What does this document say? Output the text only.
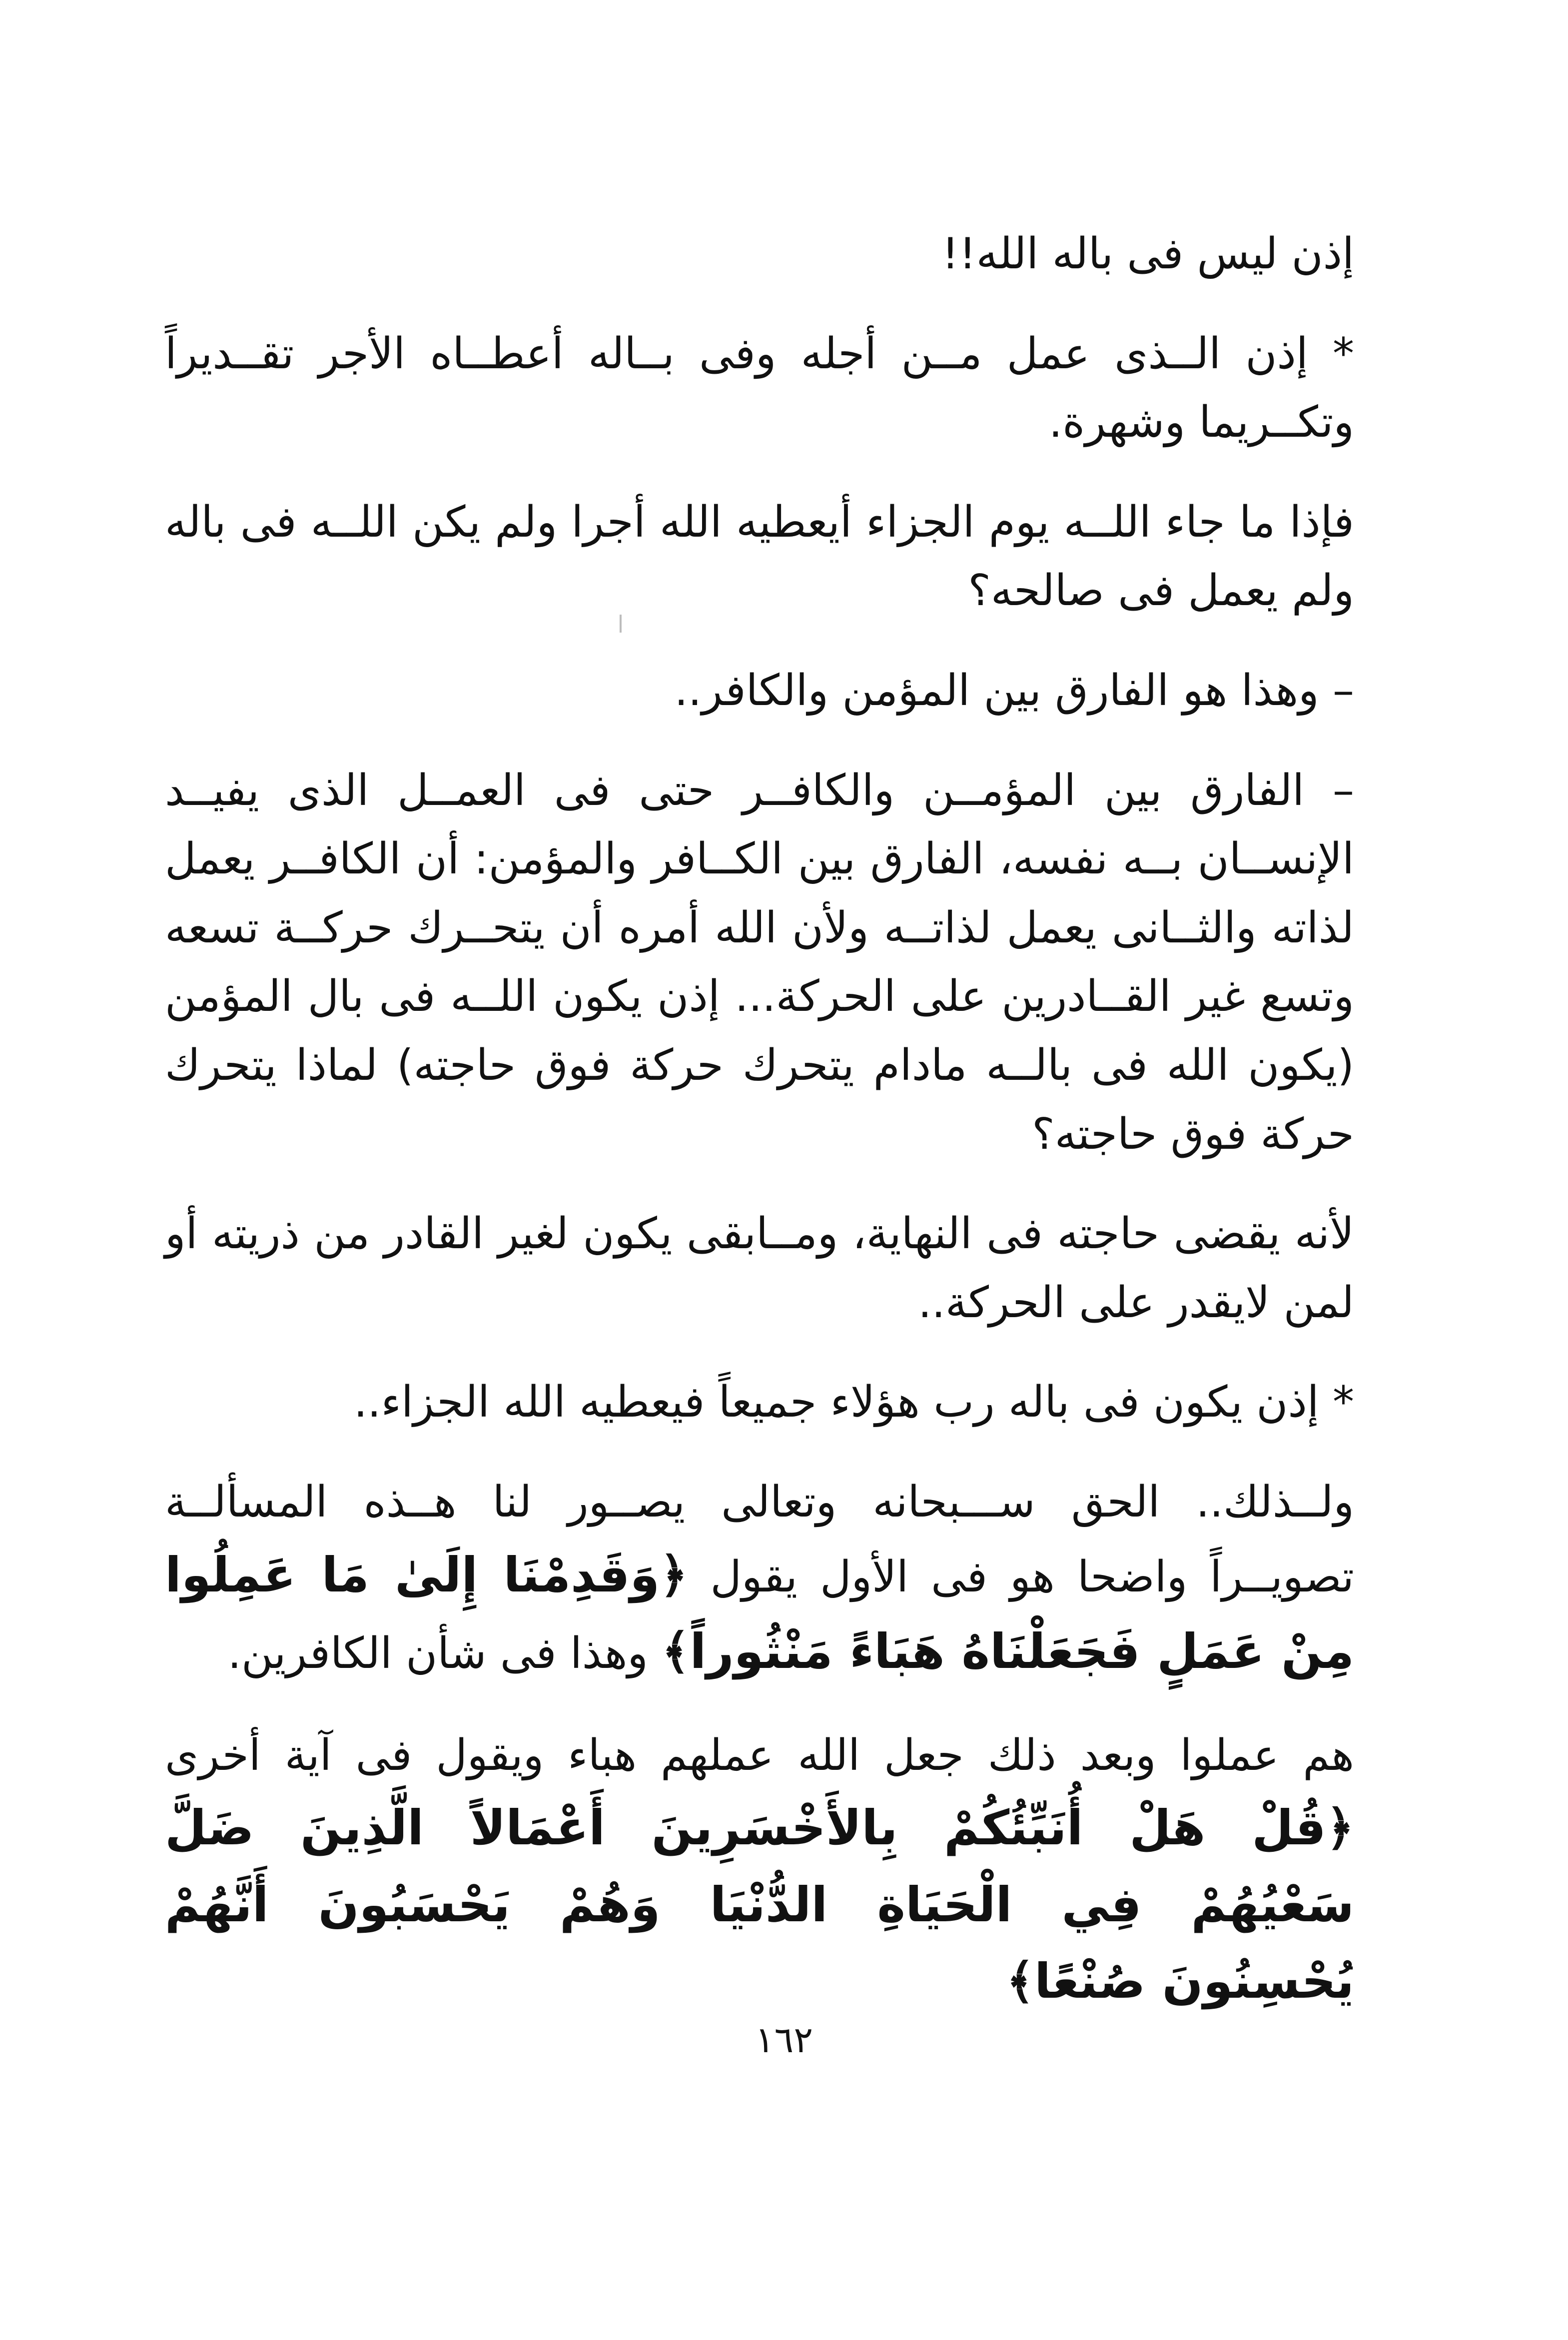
إذن ليس فى باله الله!!

* إذن الــذى عمل مــن أجله وفى بــاله أعطــاه الأجر تقــديراً وتكــريما وشهرة.

فإذا ما جاء اللــه يوم الجزاء أيعطيه الله أجرا ولم يكن اللــه فى باله ولم يعمل فى صالحه؟

– وهذا هو الفارق بين المؤمن والكافر..

– الفارق بين المؤمــن والكافــر حتى فى العمــل الذى يفيــد الإنســان بــه نفسه، الفارق بين الكــافر والمؤمن: أن الكافــر يعمل لذاته والثــانى يعمل لذاتــه ولأن الله أمره أن يتحــرك حركــة تسعه وتسع غير القــادرين على الحركة... إذن يكون اللــه فى بال المؤمن (يكون الله فى بالــه مادام يتحرك حركة فوق حاجته) لماذا يتحرك حركة فوق حاجته؟

لأنه يقضى حاجته فى النهاية، ومــابقى يكون لغير القادر من ذريته أو لمن لايقدر على الحركة..

* إذن يكون فى باله رب هؤلاء جميعاً فيعطيه الله الجزاء..

ولــذلك.. الحق ســـبحانه وتعالى يصــور لنا هــذه المسألــة تصويــراً واضحا هو فى الأول يقول ﴿وَقَدِمْنَا إِلَىٰ مَا عَمِلُوا مِنْ عَمَلٍ فَجَعَلْنَاهُ هَبَاءً مَنْثُوراً﴾ وهذا فى شأن الكافرين.

هم عملوا وبعد ذلك جعل الله عملهم هباء ويقول فى آية أخرى ﴿قُلْ هَلْ أُنَبِّئُكُمْ بِالأَخْسَرِينَ أَعْمَالاً الَّذِينَ ضَلَّ سَعْيُهُمْ فِي الْحَيَاةِ الدُّنْيَا وَهُمْ يَحْسَبُونَ أَنَّهُمْ يُحْسِنُونَ صُنْعًا﴾

١٦٢
